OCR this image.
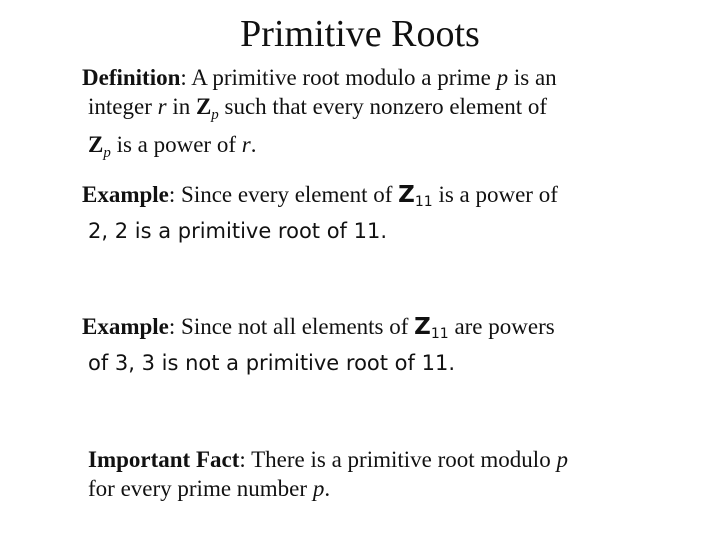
Primitive Roots
Definition: A primitive root modulo a prime p is an
integer r in $Z_p$ such that every nonzero element of
$Z_p$ is a power of r.
Example: Since every element of Z11 is a power of
2, 2 is a primitive root of 11.
Example: Since not all elements of Z11 are powers
of 3, 3 is not a primitive root of 11.
Important Fact: There is a primitive root modulo p
for every prime number p.
